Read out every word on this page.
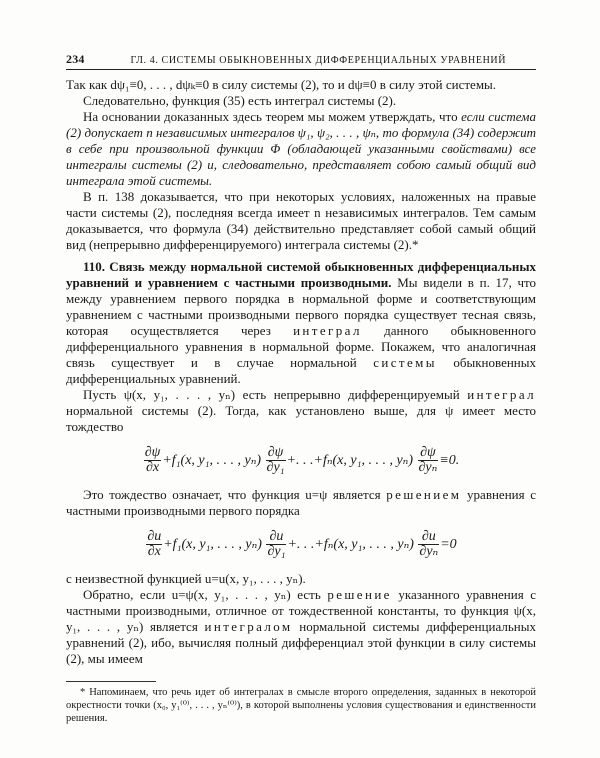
234	ГЛ. 4. СИСТЕМЫ ОБЫКНОВЕННЫХ ДИФФЕРЕНЦИАЛЬНЫХ УРАВНЕНИЙ

Так как dψ₁≡0, . . . , dψₖ≡0 в силу системы (2), то и dψ≡0 в силу этой системы.

Следовательно, функция (35) есть интеграл системы (2).

На основании доказанных здесь теорем мы можем утверждать, что если система (2) допускает n независимых интегралов ψ₁, ψ₂, . . . , ψₙ, то формула (34) содержит в себе при произвольной функции Φ (обладающей указанными свойствами) все интегралы системы (2) и, следовательно, представляет собою самый общий вид интеграла этой системы.

В п. 138 доказывается, что при некоторых условиях, наложенных на правые части системы (2), последняя всегда имеет n независимых интегралов. Тем самым доказывается, что формула (34) действительно представляет собой самый общий вид (непрерывно дифференцируемого) интеграла системы (2).*

110. Связь между нормальной системой обыкновенных дифференциальных уравнений и уравнением с частными производными. Мы видели в п. 17, что между уравнением первого порядка в нормальной форме и соответствующим уравнением с частными производными первого порядка существует тесная связь, которая осуществляется через интеграл данного обыкновенного дифференциального уравнения в нормальной форме. Покажем, что аналогичная связь существует и в случае нормальной системы обыкновенных дифференциальных уравнений.

Пусть ψ(x, y₁, . . . , yₙ) есть непрерывно дифференцируемый интеграл нормальной системы (2). Тогда, как установлено выше, для ψ имеет место тождество

$\frac{\partial\psi}{\partial x} +f_1(x$, y₁, . . . , $y_n) \frac{\partial\psi}{\text{∂y₁}}$ +. . .+fₙ(x, y₁, . . . , $y_n) \frac{\partial\psi}{\text{∂yₙ}} \equiv 0$.

Это тождество означает, что функция u=ψ является решением уравнения с частными производными первого порядка

$\frac{\partial u}{\partial x} +f_1(x$, y₁, . . . , $y_n) \frac{\partial u}{\text{∂y₁}}$ +. . .+fₙ(x, y₁, . . . , $y_n) \frac{\partial u}{\text{∂yₙ}} =0$

с неизвестной функцией u=u(x, y₁, . . . , yₙ).

Обратно, если u=ψ(x, y₁, . . . , yₙ) есть решение указанного уравнения с частными производными, отличное от тождественной константы, то функция ψ(x, y₁, . . . , yₙ) является интегралом нормальной системы дифференциальных уравнений (2), ибо, вычисляя полный дифференциал этой функции в силу системы (2), мы имеем

* Напоминаем, что речь идет об интегралах в смысле второго определения, заданных в некоторой окрестности точки (x₀, y₁⁽⁰⁾, . . . , yₙ⁽⁰⁾), в которой выполнены условия существования и единственности решения.
